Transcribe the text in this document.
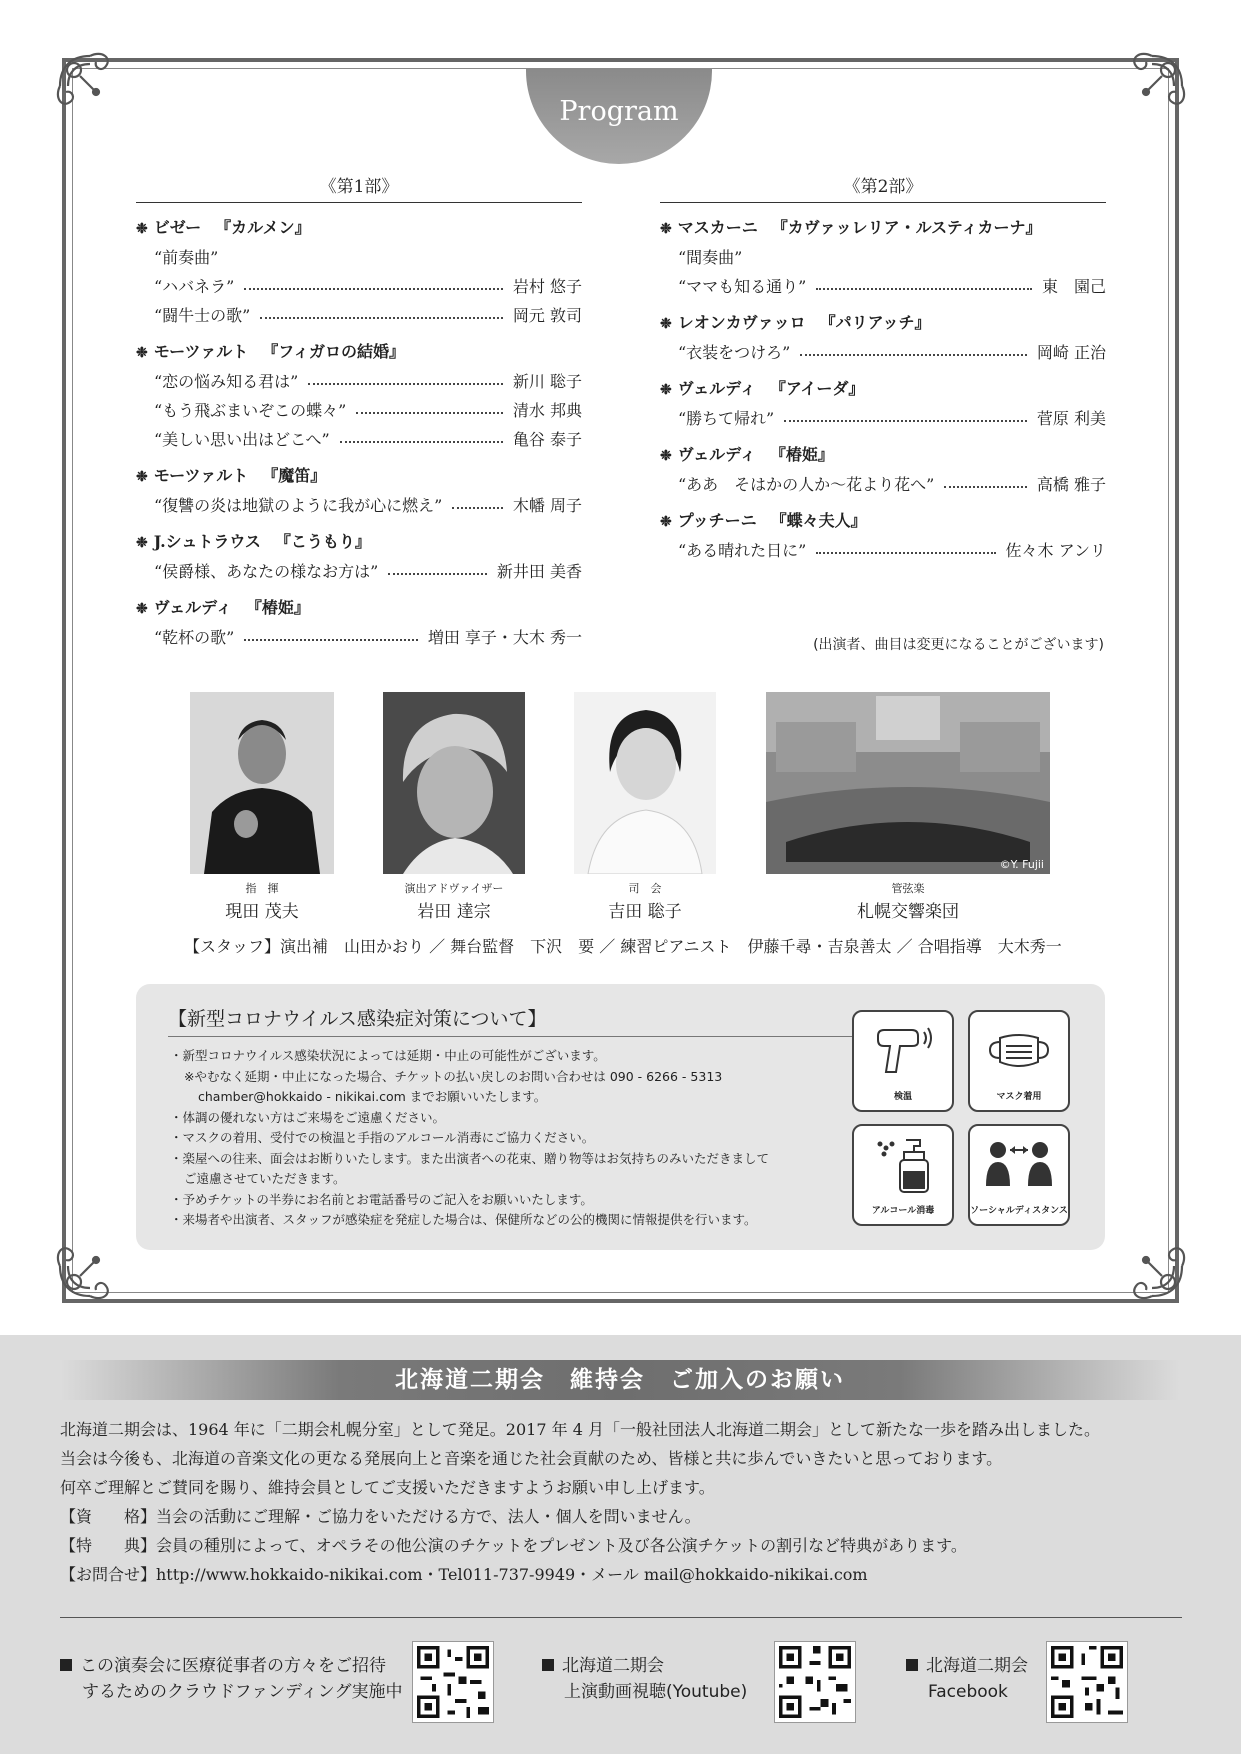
Program
《第1部》	《第2部》
❉ ビゼー 『カルメン』
“前奏曲”
“ハバネラ”	岩村 悠子
“闘牛士の歌”	岡元 敦司
❉ モーツァルト 『フィガロの結婚』
“恋の悩み知る君は”	新川 聡子
“もう飛ぶまいぞこの蝶々”	清水 邦典
“美しい思い出はどこへ”	亀谷 泰子
❉ モーツァルト 『魔笛』
“復讐の炎は地獄のように我が心に燃え”	木幡 周子
❉ J.シュトラウス 『こうもり』
“侯爵様、あなたの様なお方は”	新井田 美香
❉ ヴェルディ 『椿姫』
“乾杯の歌”	増田 享子・大木 秀一
❉ マスカーニ 『カヴァッレリア・ルスティカーナ』
“間奏曲”
“ママも知る通り”	東　園己
❉ レオンカヴァッロ 『パリアッチ』
“衣装をつけろ”	岡崎 正治
❉ ヴェルディ 『アイーダ』
“勝ちて帰れ”	菅原 利美
❉ ヴェルディ 『椿姫』
“ああ　そはかの人か〜花より花へ”	高橋 雅子
❉ プッチーニ 『蝶々夫人』
“ある晴れた日に”	佐々木 アンリ
(出演者、曲目は変更になることがございます)
©Y. Fujii
指　揮
現田 茂夫
演出アドヴァイザー
岩田 達宗
司　会
吉田 聡子
管弦楽
札幌交響楽団
【スタッフ】演出補　山田かおり ／ 舞台監督　下沢　要 ／ 練習ピアニスト　伊藤千尋・吉泉善太 ／ 合唱指導　大木秀一
【新型コロナウイルス感染症対策について】
・新型コロナウイルス感染状況によっては延期・中止の可能性がございます。
※やむなく延期・中止になった場合、チケットの払い戻しのお問い合わせは 090 - 6266 - 5313
chamber@hokkaido - nikikai.com までお願いいたします。
・体調の優れない方はご来場をご遠慮ください。
・マスクの着用、受付での検温と手指のアルコール消毒にご協力ください。
・楽屋への往来、面会はお断りいたします。また出演者への花束、贈り物等はお気持ちのみいただきまして
ご遠慮させていただきます。
・予めチケットの半券にお名前とお電話番号のご記入をお願いいたします。
・来場者や出演者、スタッフが感染症を発症した場合は、保健所などの公的機関に情報提供を行います。
検温	マスク着用
アルコール消毒	ソーシャルディスタンス
北海道二期会　維持会　ご加入のお願い
北海道二期会は、1964 年に「二期会札幌分室」として発足。2017 年 4 月「一般社団法人北海道二期会」として新たな一歩を踏み出しました。
当会は今後も、北海道の音楽文化の更なる発展向上と音楽を通じた社会貢献のため、皆様と共に歩んでいきたいと思っております。
何卒ご理解とご賛同を賜り、維持会員としてご支援いただきますようお願い申し上げます。
【資　　格】当会の活動にご理解・ご協力をいただける方で、法人・個人を問いません。
【特　　典】会員の種別によって、オペラその他公演のチケットをプレゼント及び各公演チケットの割引など特典があります。
【お問合せ】http://www.hokkaido-nikikai.com・Tel011-737-9949・メール mail@hokkaido-nikikai.com
この演奏会に医療従事者の方々をご招待
するためのクラウドファンディング実施中
北海道二期会
上演動画視聴(Youtube)
北海道二期会
Facebook
